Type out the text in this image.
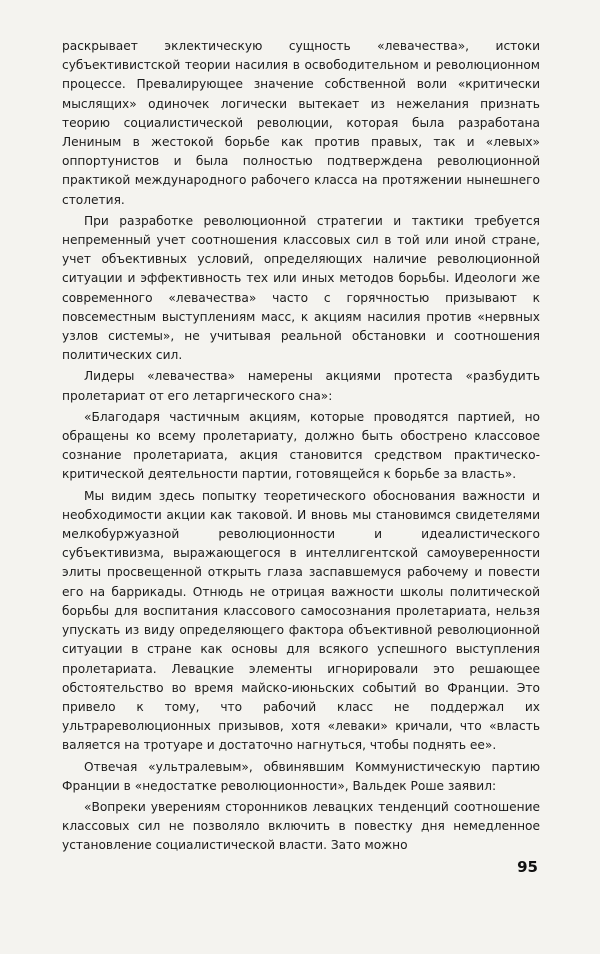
раскрывает эклектическую сущность «левачества», истоки субъективистской теории насилия в освободительном и революционном процессе. Превалирующее значение собственной воли «критически мыслящих» одиночек логически вытекает из нежелания признать теорию социалистической революции, которая была разработана Лениным в жестокой борьбе как против правых, так и «левых» оппортунистов и была полностью подтверждена революционной практикой международного рабочего класса на протяжении нынешнего столетия.

При разработке революционной стратегии и тактики требуется непременный учет соотношения классовых сил в той или иной стране, учет объективных условий, определяющих наличие революционной ситуации и эффективность тех или иных методов борьбы. Идеологи же современного «левачества» часто с горячностью призывают к повсеместным выступлениям масс, к акциям насилия против «нервных узлов системы», не учитывая реальной обстановки и соотношения политических сил.

Лидеры «левачества» намерены акциями протеста «разбудить пролетариат от его летаргического сна»:

«Благодаря частичным акциям, которые проводятся партией, но обращены ко всему пролетариату, должно быть обострено классовое сознание пролетариата, акция становится средством практическо-критической деятельности партии, готовящейся к борьбе за власть».

Мы видим здесь попытку теоретического обоснования важности и необходимости акции как таковой. И вновь мы становимся свидетелями мелкобуржуазной революционности и идеалистического субъективизма, выражающегося в интеллигентской самоуверенности элиты просвещенной открыть глаза заспавшемуся рабочему и повести его на баррикады. Отнюдь не отрицая важности школы политической борьбы для воспитания классового самосознания пролетариата, нельзя упускать из виду определяющего фактора объективной революционной ситуации в стране как основы для всякого успешного выступления пролетариата. Левацкие элементы игнорировали это решающее обстоятельство во время майско-июньских событий во Франции. Это привело к тому, что рабочий класс не поддержал их ультрареволюционных призывов, хотя «леваки» кричали, что «власть валяется на тротуаре и достаточно нагнуться, чтобы поднять ее».

Отвечая «ультралевым», обвинявшим Коммунистическую партию Франции в «недостатке революционности», Вальдек Роше заявил:

«Вопреки уверениям сторонников левацких тенденций соотношение классовых сил не позволяло включить в повестку дня немедленное установление социалистической власти. Зато можно

95
